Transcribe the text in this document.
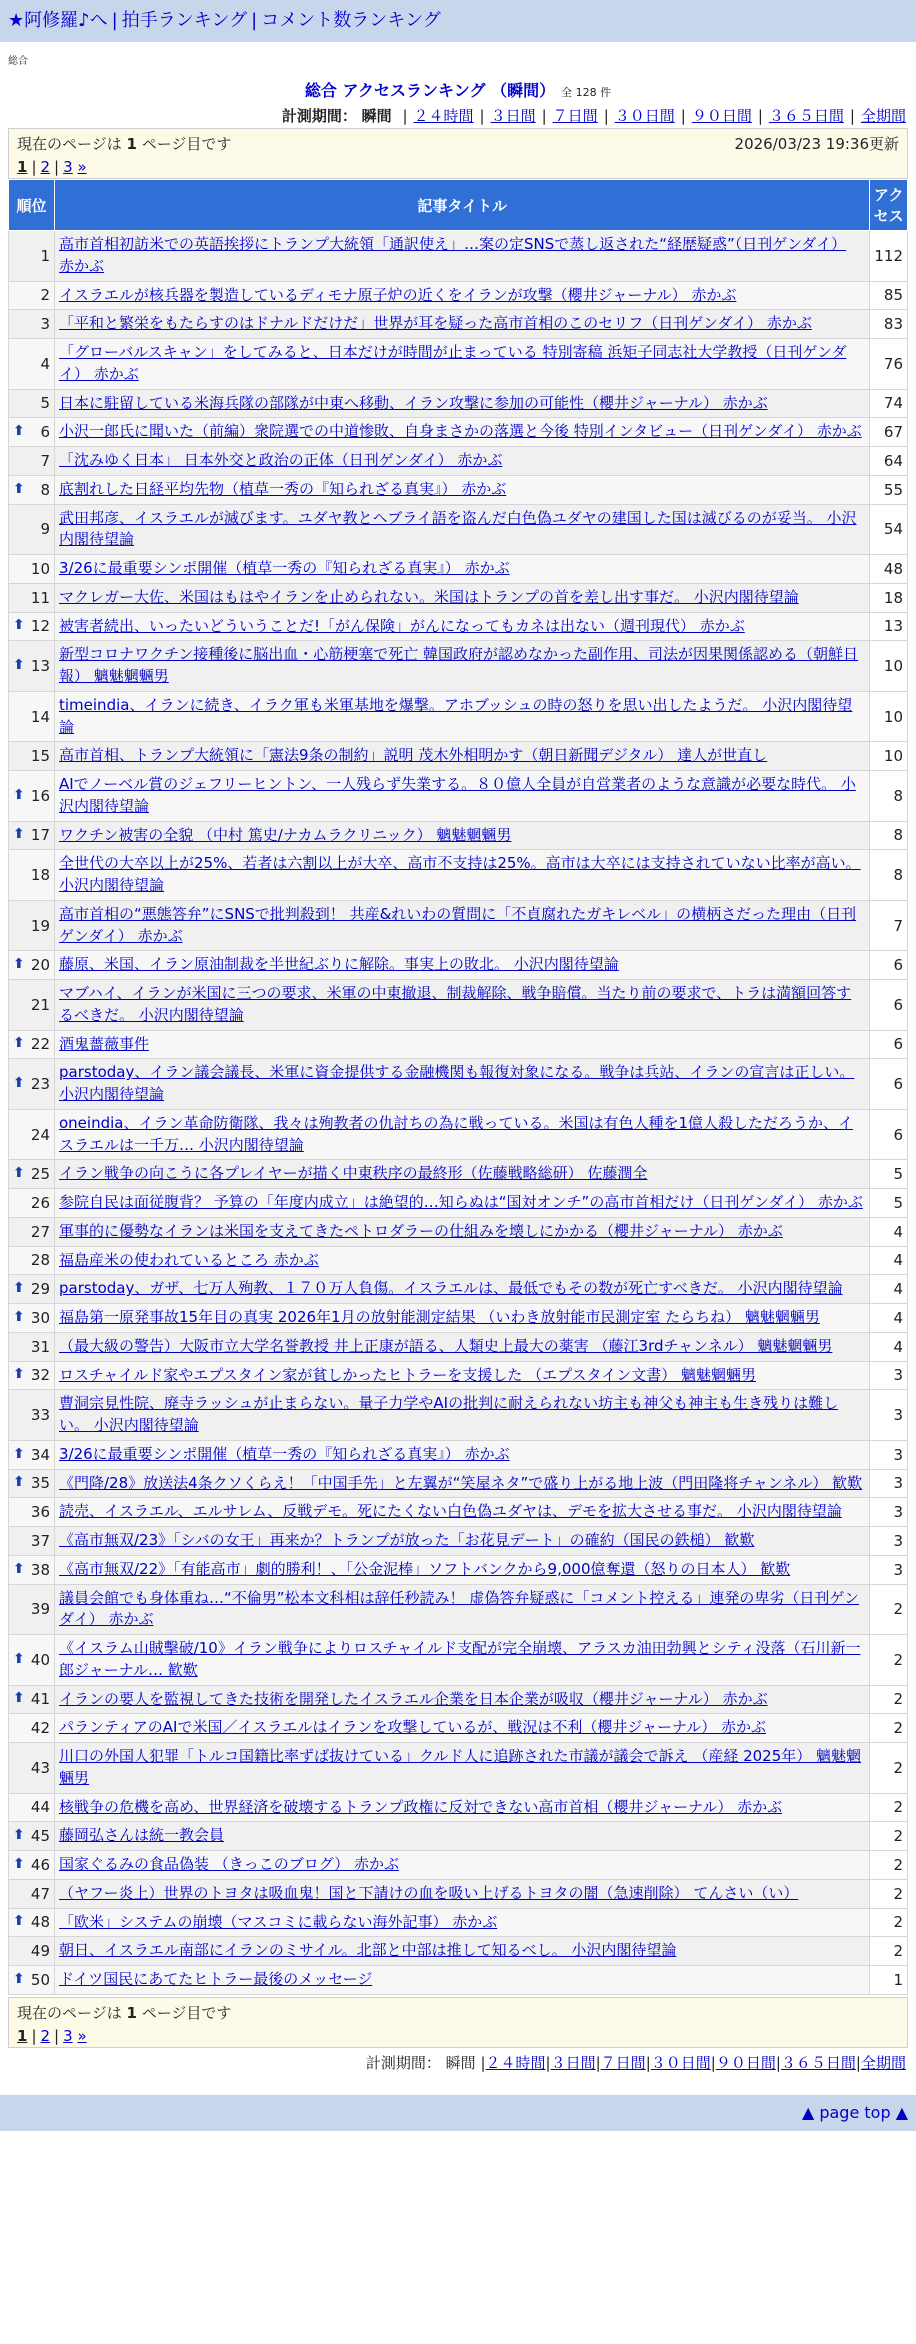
★阿修羅♪へ | 拍手ランキング | コメント数ランキング
総合
総合 アクセスランキング （瞬間） 全 128 件
計測期間： 瞬間 | ２４時間 | ３日間 | ７日間 | ３０日間 | ９０日間 | ３６５日間 | 全期間
現在のページは 1 ページ目です	2026/03/23 19:36更新
1 | 2 | 3 »
順位	記事タイトル	アクセス
1	高市首相初訪米での英語挨拶にトランプ大統領「通訳使え」…案の定SNSで蒸し返された“経歴疑惑”（日刊ゲンダイ） 赤かぶ	112
2	イスラエルが核兵器を製造しているディモナ原子炉の近くをイランが攻撃（櫻井ジャーナル） 赤かぶ	85
3	「平和と繁栄をもたらすのはドナルドだけだ」世界が耳を疑った高市首相のこのセリフ（日刊ゲンダイ） 赤かぶ	83
4	「グローバルスキャン」をしてみると、日本だけが時間が止まっている 特別寄稿 浜矩子同志社大学教授（日刊ゲンダイ） 赤かぶ	76
5	日本に駐留している米海兵隊の部隊が中東へ移動、イラン攻撃に参加の可能性（櫻井ジャーナル） 赤かぶ	74

⬆ 6	小沢一郎氏に聞いた（前編）衆院選での中道惨敗、自身まさかの落選と今後 特別インタビュー（日刊ゲンダイ） 赤かぶ	67
7	「沈みゆく日本」 日本外交と政治の正体（日刊ゲンダイ） 赤かぶ	64

⬆ 8	底割れした日経平均先物（植草一秀の『知られざる真実』） 赤かぶ	55
9	武田邦彦、イスラエルが滅びます。ユダヤ教とヘブライ語を盗んだ白色偽ユダヤの建国した国は滅びるのが妥当。 小沢内閣待望論	54
10	3/26に最重要シンポ開催（植草一秀の『知られざる真実』） 赤かぶ	48
11	マクレガー大佐、米国はもはやイランを止められない。米国はトランプの首を差し出す事だ。 小沢内閣待望論	18

⬆ 12	被害者続出、いったいどういうことだ!「がん保険」がんになってもカネは出ない（週刊現代） 赤かぶ	13

⬆ 13	新型コロナワクチン接種後に脳出血・心筋梗塞で死亡 韓国政府が認めなかった副作用、司法が因果関係認める（朝鮮日報） 魑魅魍魎男	10
14	timeindia、イランに続き、イラク軍も米軍基地を爆撃。アホブッシュの時の怒りを思い出したようだ。 小沢内閣待望論	10
15	高市首相、トランプ大統領に「憲法9条の制約」説明 茂木外相明かす（朝日新聞デジタル） 達人が世直し	10

⬆ 16	AIでノーベル賞のジェフリーヒントン、一人残らず失業する。８０億人全員が自営業者のような意識が必要な時代。 小沢内閣待望論	8

⬆ 17	ワクチン被害の全貌 （中村 篤史/ナカムラクリニック） 魑魅魍魎男	8
18	全世代の大卒以上が25%、若者は六割以上が大卒、高市不支持は25%。高市は大卒には支持されていない比率が高い。 小沢内閣待望論	8
19	高市首相の“悪態答弁”にSNSで批判殺到！ 共産&れいわの質問に「不貞腐れたガキレベル」の横柄さだった理由（日刊ゲンダイ） 赤かぶ	7

⬆ 20	藤原、米国、イラン原油制裁を半世紀ぶりに解除。事実上の敗北。 小沢内閣待望論	6
21	マブハイ、イランが米国に三つの要求、米軍の中東撤退、制裁解除、戦争賠償。当たり前の要求で、トラは満額回答するべきだ。 小沢内閣待望論	6

⬆ 22	酒鬼薔薇事件	6

⬆ 23	parstoday、イラン議会議長、米軍に資金提供する金融機関も報復対象になる。戦争は兵站、イランの宣言は正しい。 小沢内閣待望論	6
24	oneindia、イラン革命防衛隊、我々は殉教者の仇討ちの為に戦っている。米国は有色人種を1億人殺しただろうか、イスラエルは一千万… 小沢内閣待望論	6

⬆ 25	イラン戦争の向こうに各プレイヤーが描く中東秩序の最終形（佐藤戦略総研） 佐藤潤全	5
26	参院自民は面従腹背？ 予算の「年度内成立」は絶望的…知らぬは“国対オンチ”の高市首相だけ（日刊ゲンダイ） 赤かぶ	5
27	軍事的に優勢なイランは米国を支えてきたペトロダラーの仕組みを壊しにかかる（櫻井ジャーナル） 赤かぶ	4
28	福島産米の使われているところ 赤かぶ	4

⬆ 29	parstoday、ガザ、七万人殉教、１７０万人負傷。イスラエルは、最低でもその数が死亡すべきだ。 小沢内閣待望論	4

⬆ 30	福島第一原発事故15年目の真実 2026年1月の放射能測定結果 （いわき放射能市民測定室 たらちね） 魑魅魍魎男	4
31	（最大級の警告）大阪市立大学名誉教授 井上正康が語る、人類史上最大の薬害 （藤江3rdチャンネル） 魑魅魍魎男	4

⬆ 32	ロスチャイルド家やエプスタイン家が貧しかったヒトラーを支援した （エプスタイン文書） 魑魅魍魎男	3
33	曹洞宗見性院、廃寺ラッシュが止まらない。量子力学やAIの批判に耐えられない坊主も神父も神主も生き残りは難しい。 小沢内閣待望論	3

⬆ 34	3/26に最重要シンポ開催（植草一秀の『知られざる真実』） 赤かぶ	3

⬆ 35	《門降/28》放送法4条クソくらえ！「中国手先」と左翼が“笑屋ネタ”で盛り上がる地上波（門田隆将チャンネル） 歓歎	3
36	読売、イスラエル、エルサレム、反戦デモ。死にたくない白色偽ユダヤは、デモを拡大させる事だ。 小沢内閣待望論	3
37	《高市無双/23》「シバの女王」再来か？トランプが放った「お花見デート」の確約（国民の鉄槌） 歓歎	3

⬆ 38	《高市無双/22》「有能高市」劇的勝利！、「公金泥棒」ソフトバンクから9,000億奪還（怒りの日本人） 歓歎	3
39	議員会館でも身体重ね…“不倫男”松本文科相は辞任秒読み！ 虚偽答弁疑惑に「コメント控える」連発の卑劣（日刊ゲンダイ） 赤かぶ	2

⬆ 40	《イスラム山賊擊破/10》イラン戦争によりロスチャイルド支配が完全崩壊、アラスカ油田勃興とシティ没落（石川新一郎ジャーナル… 歓歎	2

⬆ 41	イランの要人を監視してきた技術を開発したイスラエル企業を日本企業が吸収（櫻井ジャーナル） 赤かぶ	2
42	パランティアのAIで米国／イスラエルはイランを攻撃しているが、戦況は不利（櫻井ジャーナル） 赤かぶ	2
43	川口の外国人犯罪「トルコ国籍比率ずば抜けている」クルド人に追跡された市議が議会で訴え （産経 2025年） 魑魅魍魎男	2
44	核戦争の危機を高め、世界経済を破壊するトランプ政権に反対できない高市首相（櫻井ジャーナル） 赤かぶ	2

⬆ 45	藤岡弘さんは統一教会員	2

⬆ 46	国家ぐるみの食品偽装 （きっこのブログ） 赤かぶ	2
47	（ヤフー炎上）世界のトヨタは吸血鬼！国と下請けの血を吸い上げるトヨタの闇（急速削除） てんさい（い）	2

⬆ 48	「欧米」システムの崩壊（マスコミに載らない海外記事） 赤かぶ	2
49	朝日、イスラエル南部にイランのミサイル。北部と中部は推して知るべし。 小沢内閣待望論	2

⬆ 50	ドイツ国民にあてたヒトラー最後のメッセージ	1
現在のページは 1 ページ目です
1 | 2 | 3 »
計測期間： 瞬間 |２４時間|３日間|７日間|３０日間|９０日間|３６５日間|全期間
▲ page top ▲
